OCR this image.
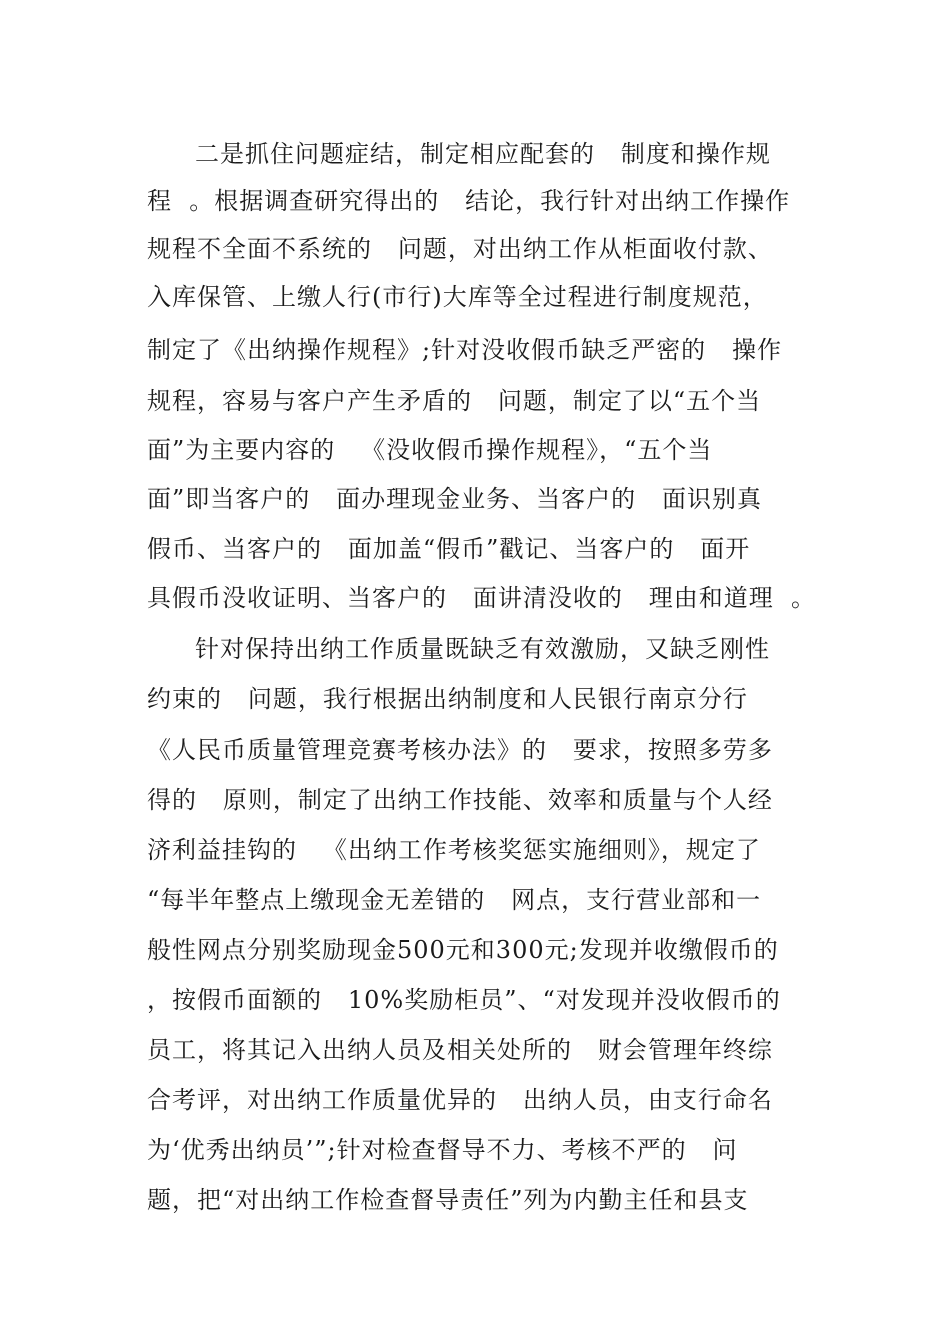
二是抓住问题症结，制定相应配套的   制度和操作规

程  。根据调查研究得出的   结论，我行针对出纳工作操作

规程不全面不系统的   问题，对出纳工作从柜面收付款、

入库保管、上缴人行(市行)大库等全过程进行制度规范，

制定了《出纳操作规程》;针对没收假币缺乏严密的   操作

规程，容易与客户产生矛盾的   问题，制定了以“五个当

面”为主要内容的   《没收假币操作规程》，“五个当

面”即当客户的   面办理现金业务、当客户的   面识别真

假币、当客户的   面加盖“假币”戳记、当客户的   面开

具假币没收证明、当客户的   面讲清没收的   理由和道理  。

针对保持出纳工作质量既缺乏有效激励，又缺乏刚性

约束的   问题，我行根据出纳制度和人民银行南京分行

《人民币质量管理竞赛考核办法》的   要求，按照多劳多

得的   原则，制定了出纳工作技能、效率和质量与个人经

济利益挂钩的   《出纳工作考核奖惩实施细则》，规定了

“每半年整点上缴现金无差错的   网点，支行营业部和一

般性网点分别奖励现金500元和300元;发现并收缴假币的

，按假币面额的   10%奖励柜员”、“对发现并没收假币的

员工，将其记入出纳人员及相关处所的   财会管理年终综

合考评，对出纳工作质量优异的   出纳人员，由支行命名

为‘优秀出纳员’”;针对检查督导不力、考核不严的   问

题，把“对出纳工作检查督导责任”列为内勤主任和县支
